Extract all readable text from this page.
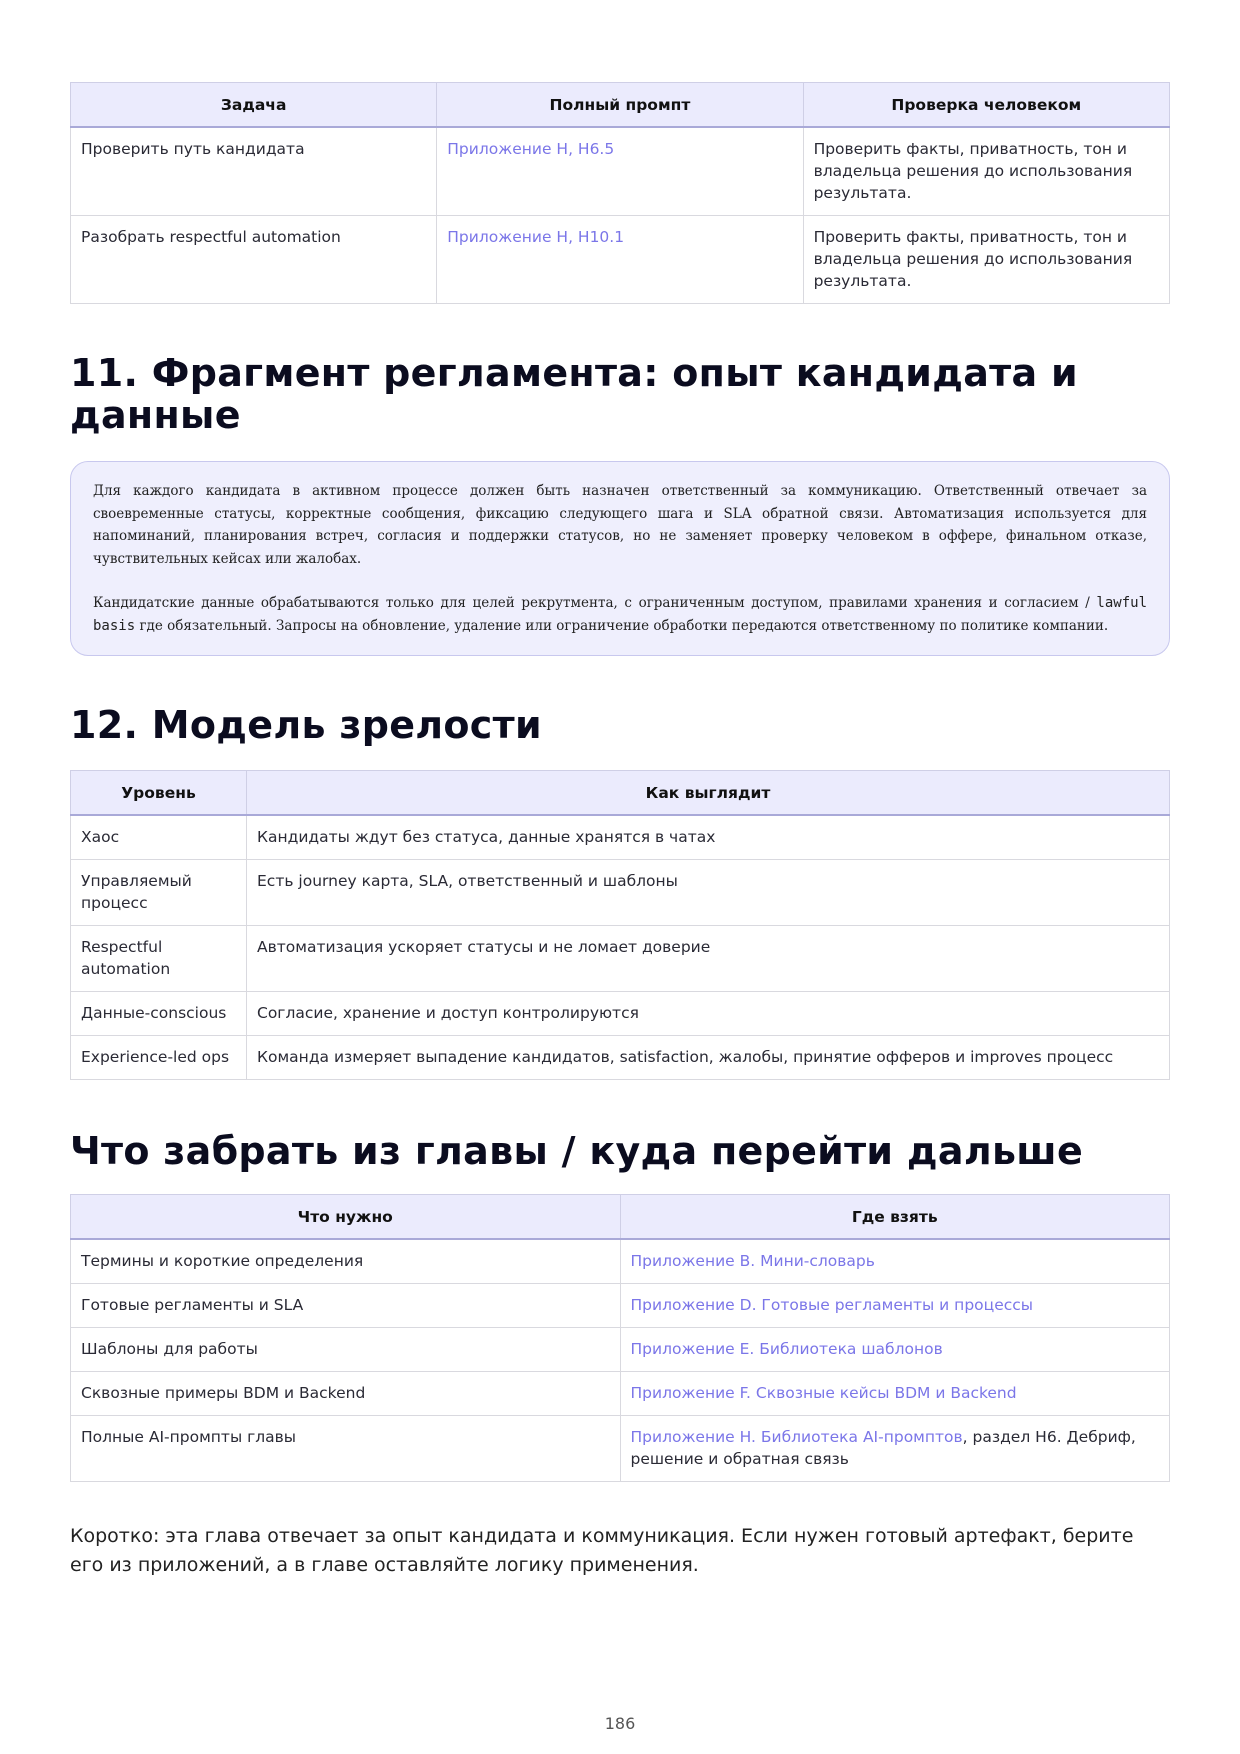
Задача	Полный промпт	Проверка человеком
Проверить путь кандидата	Приложение H, H6.5	Проверить факты, приватность, тон и владельца решения до использования результата.
Разобрать respectful automation	Приложение H, H10.1	Проверить факты, приватность, тон и владельца решения до использования результата.
11. Фрагмент регламента: опыт кандидата и данные

Для каждого кандидата в активном процессе должен быть назначен ответственный за коммуникацию. Ответственный отвечает за своевременные статусы, корректные сообщения, фиксацию следующего шага и SLA обратной связи. Автоматизация используется для напоминаний, планирования встреч, согласия и поддержки статусов, но не заменяет проверку человеком в оффере, финальном отказе, чувствительных кейсах или жалобах.

Кандидатские данные обрабатываются только для целей рекрутмента, с ограниченным доступом, правилами хранения и согласием / lawful basis где обязательный. Запросы на обновление, удаление или ограничение обработки передаются ответственному по политике компании.

12. Модель зрелости
Уровень	Как выглядит
Хаос	Кандидаты ждут без статуса, данные хранятся в чатах
Управляемый процесс	Есть journey карта, SLA, ответственный и шаблоны
Respectful automation	Автоматизация ускоряет статусы и не ломает доверие
Данные-conscious	Согласие, хранение и доступ контролируются
Experience-led ops	Команда измеряет выпадение кандидатов, satisfaction, жалобы, принятие офферов и improves процесс
Что забрать из главы / куда перейти дальше
Что нужно	Где взять
Термины и короткие определения	Приложение B. Мини-словарь
Готовые регламенты и SLA	Приложение D. Готовые регламенты и процессы
Шаблоны для работы	Приложение E. Библиотека шаблонов
Сквозные примеры BDM и Backend	Приложение F. Сквозные кейсы BDM и Backend
Полные AI-промпты главы	Приложение H. Библиотека AI-промптов, раздел H6. Дебриф, решение и обратная связь

Коротко: эта глава отвечает за опыт кандидата и коммуникация. Если нужен готовый артефакт, берите его из приложений, а в главе оставляйте логику применения.

186
